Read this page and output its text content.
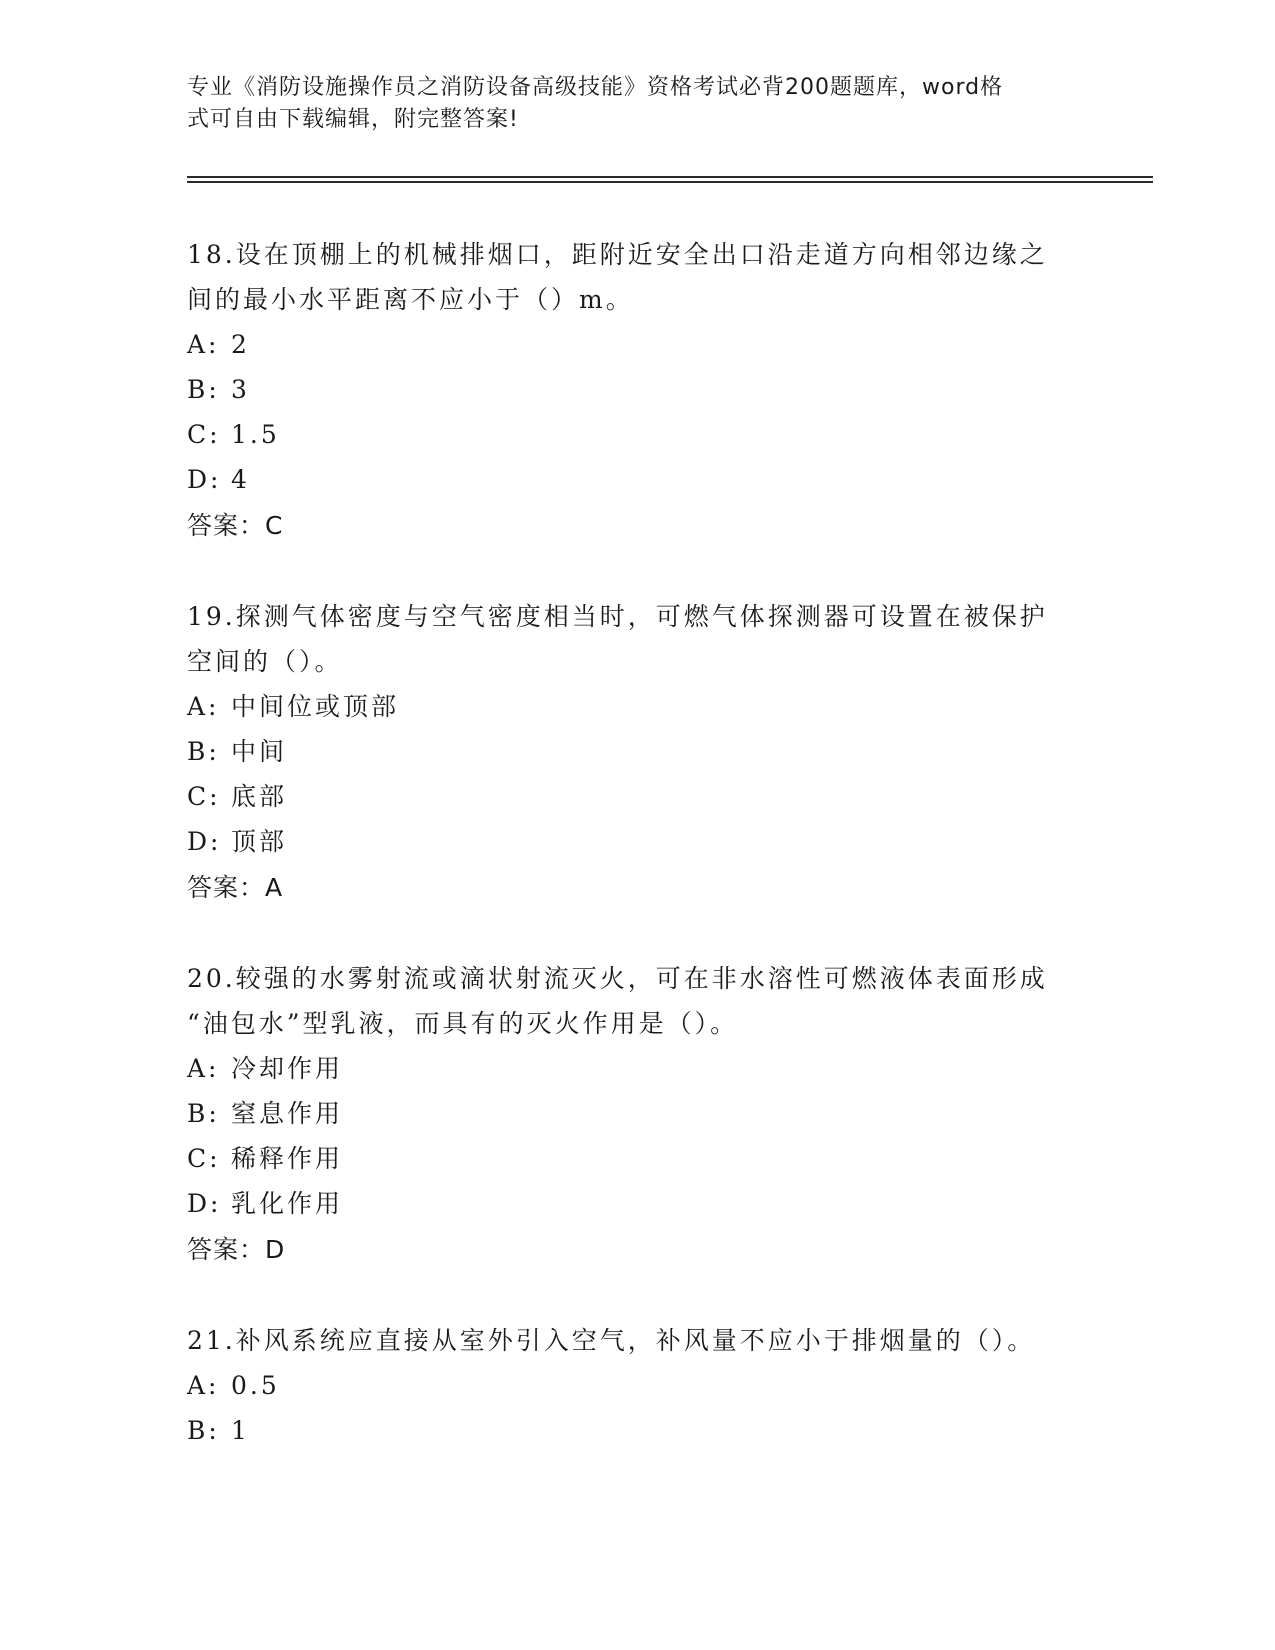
专业《消防设施操作员之消防设备高级技能》资格考试必背200题题库，word格
式可自由下载编辑，附完整答案!

18.设在顶棚上的机械排烟口，距附近安全出口沿走道方向相邻边缘之

间的最小水平距离不应小于（）m。

A: 2

B: 3

C: 1.5

D: 4

答案：C

19.探测气体密度与空气密度相当时，可燃气体探测器可设置在被保护

空间的（）。

A: 中间位或顶部

B: 中间

C: 底部

D: 顶部

答案：A

20.较强的水雾射流或滴状射流灭火，可在非水溶性可燃液体表面形成

“油包水”型乳液，而具有的灭火作用是（）。

A: 冷却作用

B: 窒息作用

C: 稀释作用

D: 乳化作用

答案：D

21.补风系统应直接从室外引入空气，补风量不应小于排烟量的（）。

A: 0.5

B: 1
